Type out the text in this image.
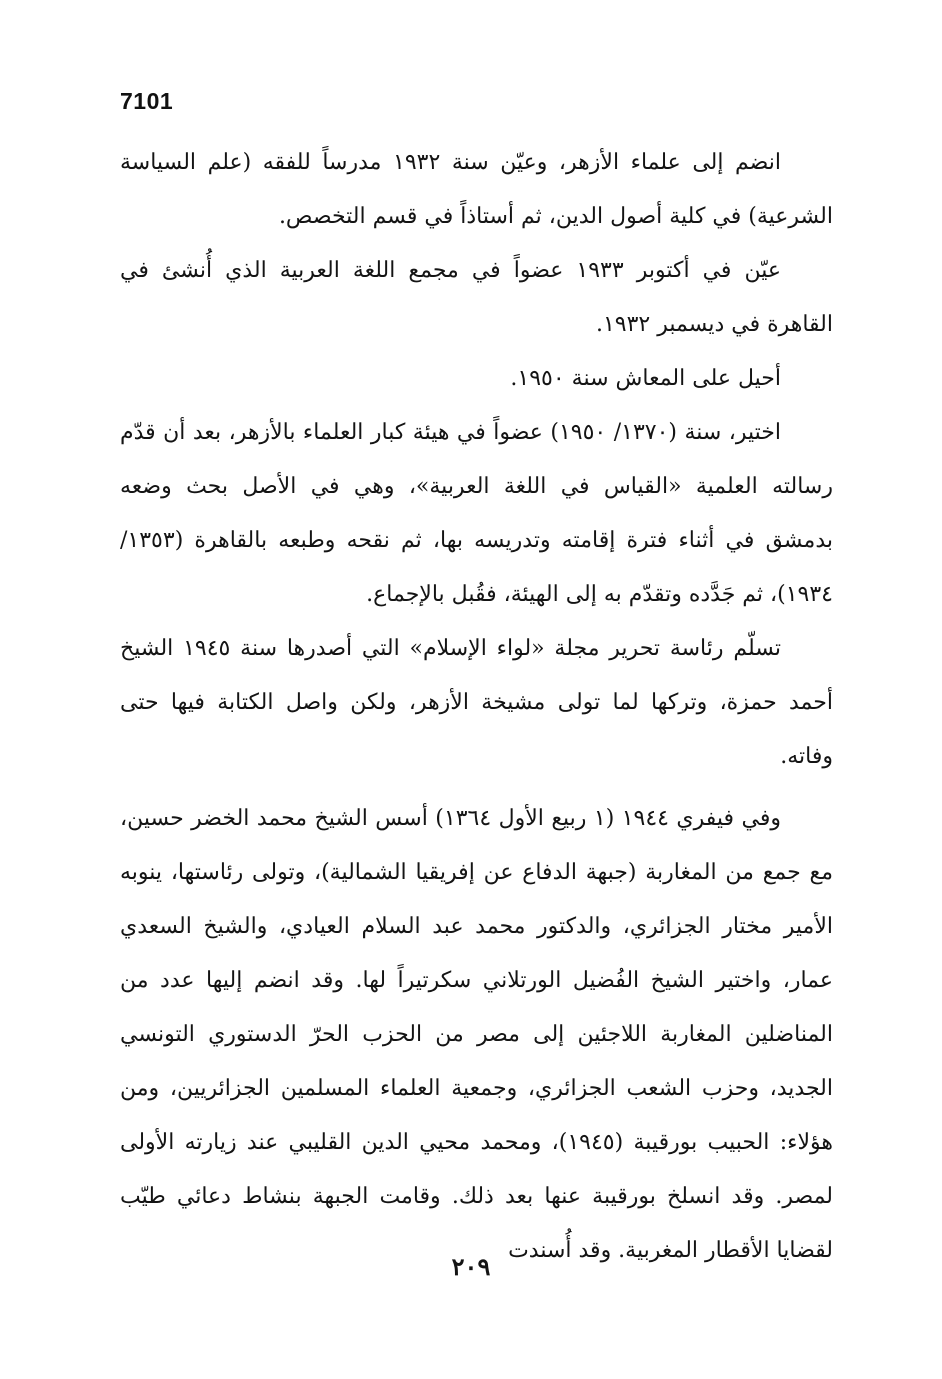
7101

انضم إلى علماء الأزهر، وعيّن سنة ١٩٣٢ مدرساً للفقه (علم السياسة الشرعية) في كلية أصول الدين، ثم أستاذاً في قسم التخصص.

عيّن في أكتوبر ١٩٣٣ عضواً في مجمع اللغة العربية الذي أُنشئ في القاهرة في ديسمبر ١٩٣٢.

أحيل على المعاش سنة ١٩٥٠.

اختير، سنة (١٣٧٠/ ١٩٥٠) عضواً في هيئة كبار العلماء بالأزهر، بعد أن قدّم رسالته العلمية «القياس في اللغة العربية»، وهي في الأصل بحث وضعه بدمشق في أثناء فترة إقامته وتدريسه بها، ثم نقحه وطبعه بالقاهرة (١٣٥٣/ ١٩٣٤)، ثم جَدَّده وتقدّم به إلى الهيئة، فقُبل بالإجماع.

تسلّم رئاسة تحرير مجلة «لواء الإسلام» التي أصدرها سنة ١٩٤٥ الشيخ أحمد حمزة، وتركها لما تولى مشيخة الأزهر، ولكن واصل الكتابة فيها حتى وفاته.

وفي فيفري ١٩٤٤ (١ ربيع الأول ١٣٦٤) أسس الشيخ محمد الخضر حسين، مع جمع من المغاربة (جبهة الدفاع عن إفريقيا الشمالية)، وتولى رئاستها، ينوبه الأمير مختار الجزائري، والدكتور محمد عبد السلام العيادي، والشيخ السعدي عمار، واختير الشيخ الفُضيل الورتلاني سكرتيراً لها. وقد انضم إليها عدد من المناضلين المغاربة اللاجئين إلى مصر من الحزب الحرّ الدستوري التونسي الجديد، وحزب الشعب الجزائري، وجمعية العلماء المسلمين الجزائريين، ومن هؤلاء: الحبيب بورقيبة (١٩٤٥)، ومحمد محيي الدين القليبي عند زيارته الأولى لمصر. وقد انسلخ بورقيبة عنها بعد ذلك. وقامت الجبهة بنشاط دعائي طيّب لقضايا الأقطار المغربية. وقد أُسندت

٢٠٩
